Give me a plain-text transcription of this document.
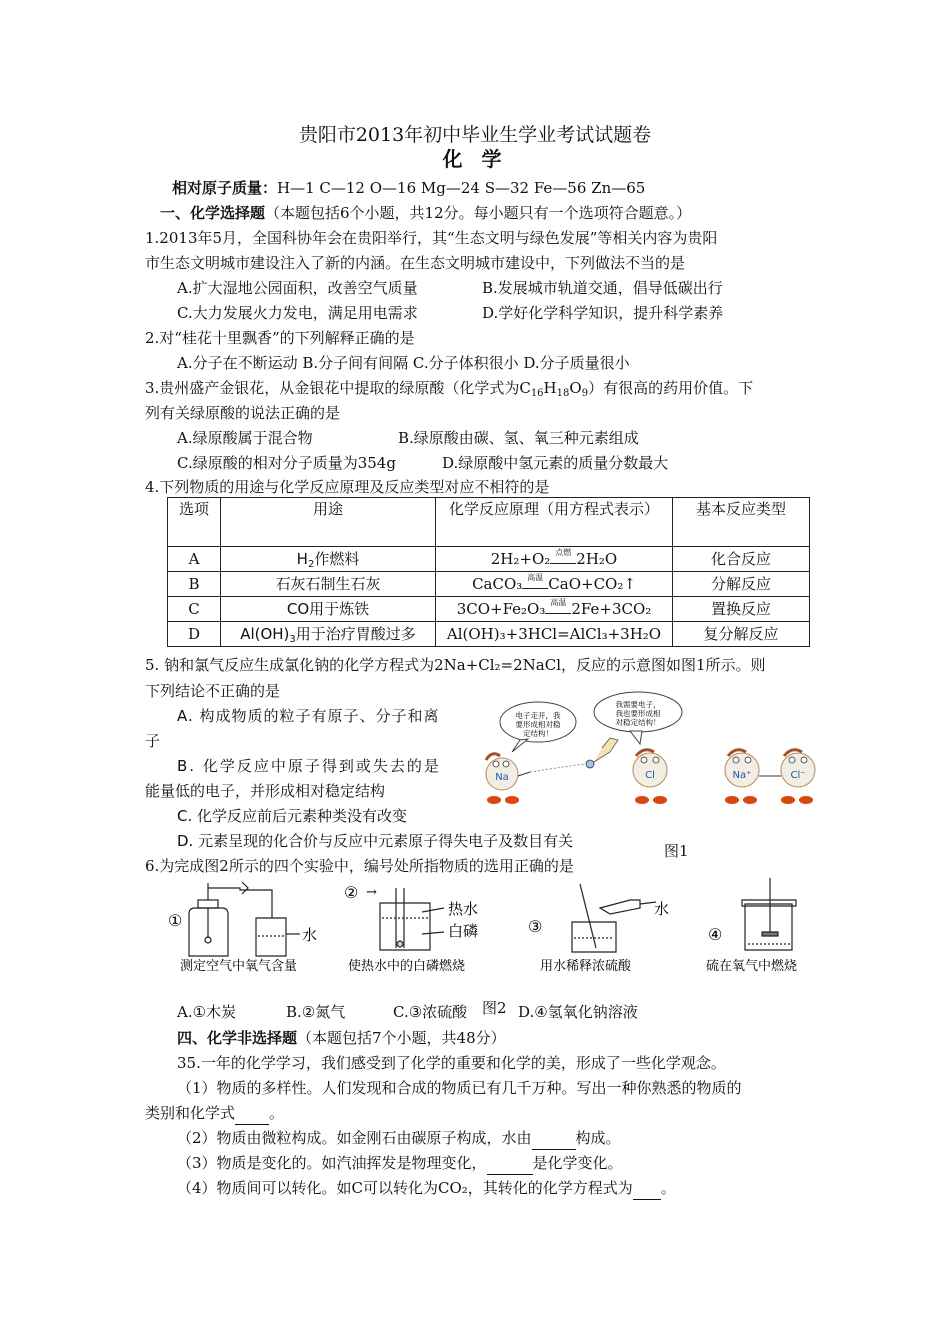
贵阳市2013年初中毕业生学业考试试题卷
化 学
相对原子质量：H—1 C—12 O—16 Mg—24 S—32 Fe—56 Zn—65
一、化学选择题（本题包括6个小题，共12分。每小题只有一个选项符合题意。）
1.2013年5月，全国科协年会在贵阳举行，其“生态文明与绿色发展”等相关内容为贵阳
市生态文明城市建设注入了新的内涵。在生态文明城市建设中，下列做法不当的是
A.扩大湿地公园面积，改善空气质量	B.发展城市轨道交通，倡导低碳出行
C.大力发展火力发电，满足用电需求	D.学好化学科学知识，提升科学素养
2.对“桂花十里飘香”的下列解释正确的是
A.分子在不断运动 B.分子间有间隔 C.分子体积很小 D.分子质量很小
3.贵州盛产金银花，从金银花中提取的绿原酸（化学式为$C_{16}H_{18}O_9$）有很高的药用价值。下
列有关绿原酸的说法正确的是
A.绿原酸属于混合物	B.绿原酸由碳、氢、氧三种元素组成
C.绿原酸的相对分子质量为354g	D.绿原酸中氢元素的质量分数最大
4.下列物质的用途与化学反应原理及反应类型对应不相符的是
选项	用途	化学反应原理（用方程式表示）	基本反应类型
A	$H_2$作燃料	2H₂+O₂ 点燃 2H₂O	化合反应
B	石灰石制生石灰	CaCO₃ 高温 CaO+CO₂↑	分解反应
C	CO用于炼铁	3CO+Fe₂O₃ 高温 2Fe+3CO₂	置换反应
D	$Al(OH)_3$用于治疗胃酸过多	Al(OH)₃+3HCl=AlCl₃+3H₂O	复分解反应
5. 钠和氯气反应生成氯化钠的化学方程式为2Na+Cl₂=2NaCl，反应的示意图如图1所示。则
下列结论不正确的是
A. 构成物质的粒子有原子、分子和离
子
B. 化学反应中原子得到或失去的是
能量低的电子，并形成相对稳定结构
C. 化学反应前后元素种类没有改变
D. 元素呈现的化合价与反应中元素原子得失电子及数目有关
图1
电子走开，我
要形成相对稳
定结构！
我需要电子，
我也要形成相
对稳定结构！
Na	Cl	Na⁺	Cl⁻
6.为完成图2所示的四个实验中，编号处所指物质的选用正确的是
①
水
测定空气中氧气含量
② →
热水
白磷
使热水中的白磷燃烧
③
水
用水稀释浓硫酸
④
硫在氧气中燃烧
A.①木炭	B.②氮气	C.③浓硫酸 图2 D.④氢氧化钠溶液
四、化学非选择题（本题包括7个小题，共48分）
35.一年的化学学习，我们感受到了化学的重要和化学的美，形成了一些化学观念。
（1）物质的多样性。人们发现和合成的物质已有几千万种。写出一种你熟悉的物质的
类别和化学式 。
（2）物质由微粒构成。如金刚石由碳原子构成，水由	构成。
（3）物质是变化的。如汽油挥发是物理变化，	是化学变化。
（4）物质间可以转化。如C可以转化为CO₂，其转化的化学方程式为 。
